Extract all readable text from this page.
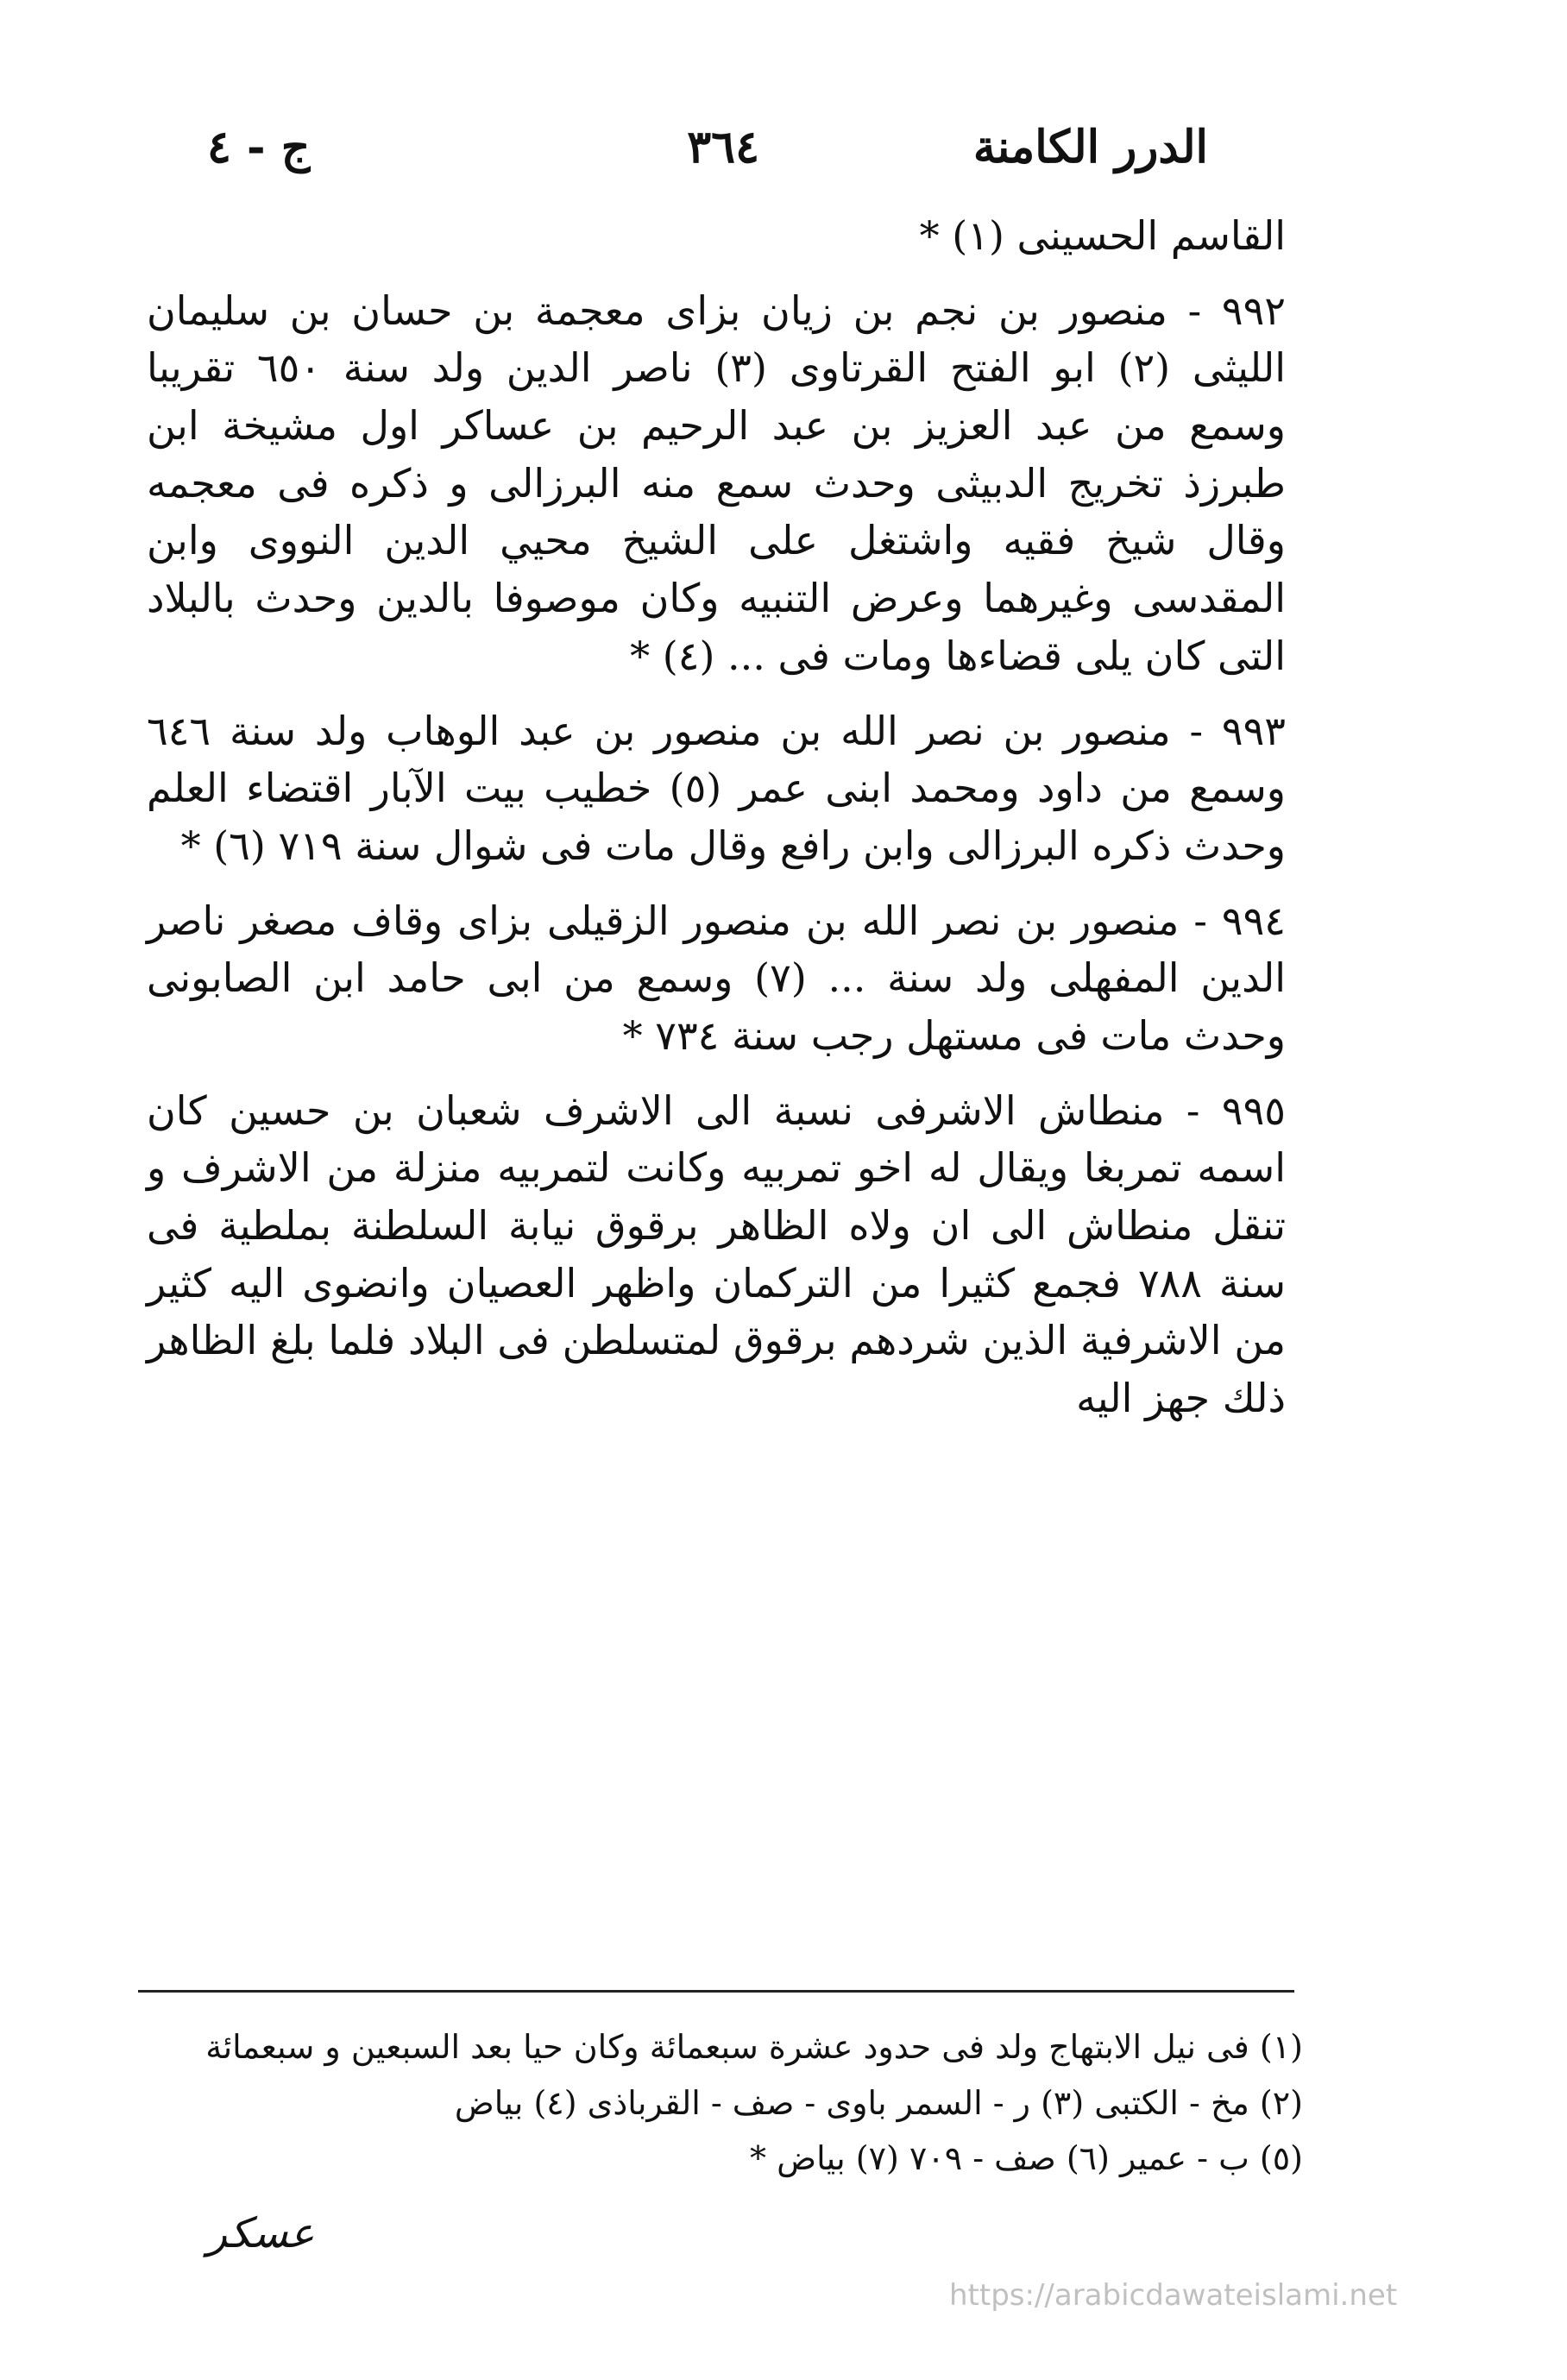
الدرر الكامنة
٣٦٤
ج - ٤

القاسم الحسينى (١) *

٩٩٢ - منصور بن نجم بن زيان بزاى معجمة بن حسان بن سليمان الليثى (٢) ابو الفتح القرتاوى (٣) ناصر الدين ولد سنة ٦٥٠ تقريبا وسمع من عبد العزيز بن عبد الرحيم بن عساكر اول مشيخة ابن طبرزذ تخريج الدبيثى وحدث سمع منه البرزالى و ذكره فى معجمه وقال شيخ فقيه واشتغل على الشيخ محيي الدين النووى وابن المقدسى وغيرهما وعرض التنبيه وكان موصوفا بالدين وحدث بالبلاد التى كان يلى قضاءها ومات فى ... (٤) *

٩٩٣ - منصور بن نصر الله بن منصور بن عبد الوهاب ولد سنة ٦٤٦ وسمع من داود ومحمد ابنى عمر (٥) خطيب بيت الآبار اقتضاء العلم وحدث ذكره البرزالى وابن رافع وقال مات فى شوال سنة ٧١٩ (٦) *

٩٩٤ - منصور بن نصر الله بن منصور الزقيلى بزاى وقاف مصغر ناصر الدين المفهلى ولد سنة ... (٧) وسمع من ابى حامد ابن الصابونى وحدث مات فى مستهل رجب سنة ٧٣٤ *

٩٩٥ - منطاش الاشرفى نسبة الى الاشرف شعبان بن حسين كان اسمه تمربغا ويقال له اخو تمربيه وكانت لتمربيه منزلة من الاشرف و تنقل منطاش الى ان ولاه الظاهر برقوق نيابة السلطنة بملطية فى سنة ٧٨٨ فجمع كثيرا من التركمان واظهر العصيان وانضوى اليه كثير من الاشرفية الذين شردهم برقوق لمتسلطن فى البلاد فلما بلغ الظاهر ذلك جهز اليه

(١) فى نيل الابتهاج ولد فى حدود عشرة سبعمائة وكان حيا بعد السبعين و سبعمائة

(٢) مخ - الكتبى (٣) ر - السمر باوى - صف - القرباذى (٤) بياض

(٥) ب - عمير (٦) صف - ٧٠٩ (٧) بياض *

عسكر
https://arabicdawateislami.net
